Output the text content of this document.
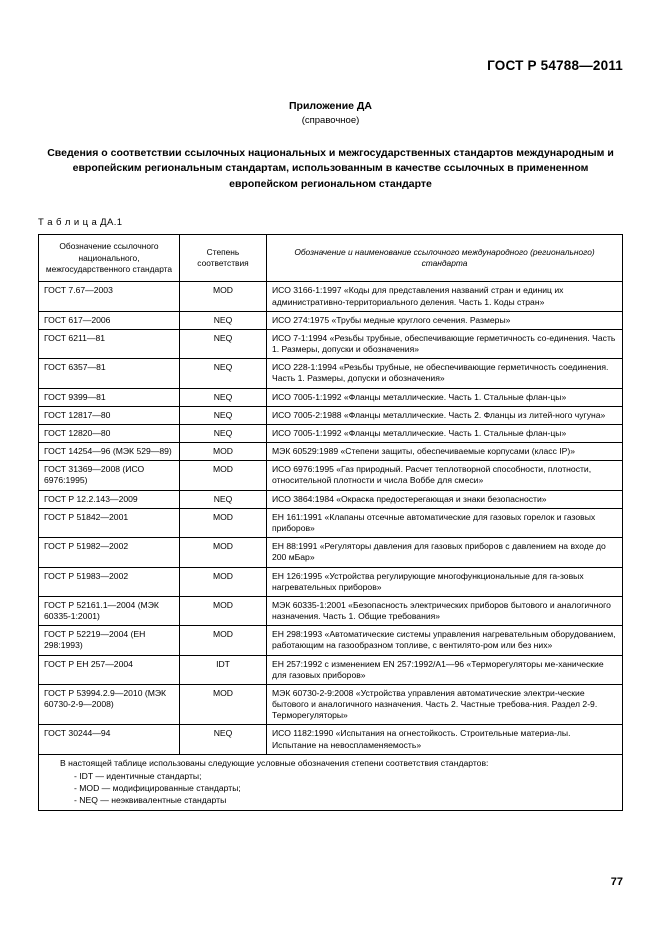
ГОСТ Р 54788—2011
Приложение ДА
(справочное)
Сведения о соответствии ссылочных национальных и межгосударственных стандартов международным и европейским региональным стандартам, использованным в качестве ссылочных в примененном европейском региональном стандарте
Т а б л и ц а ДА.1
Обозначение ссылочного национального, межгосударственного стандарта	Степень соответствия	Обозначение и наименование ссылочного международного (регионального) стандарта
ГОСТ 7.67—2003	MOD	ИСО 3166-1:1997 «Коды для представления названий стран и единиц их административно-территориального деления. Часть 1. Коды стран»
ГОСТ 617—2006	NEQ	ИСО 274:1975 «Трубы медные круглого сечения. Размеры»
ГОСТ 6211—81	NEQ	ИСО 7-1:1994 «Резьбы трубные, обеспечивающие герметичность со-единения. Часть 1. Размеры, допуски и обозначения»
ГОСТ 6357—81	NEQ	ИСО 228-1:1994 «Резьбы трубные, не обеспечивающие герметичность соединения. Часть 1. Размеры, допуски и обозначения»
ГОСТ 9399—81	NEQ	ИСО 7005-1:1992 «Фланцы металлические. Часть 1. Стальные флан-цы»
ГОСТ 12817—80	NEQ	ИСО 7005-2:1988 «Фланцы металлические. Часть 2. Фланцы из литей-ного чугуна»
ГОСТ 12820—80	NEQ	ИСО 7005-1:1992 «Фланцы металлические. Часть 1. Стальные флан-цы»
ГОСТ 14254—96 (МЭК 529—89)	MOD	МЭК 60529:1989 «Степени защиты, обеспечиваемые корпусами (класс IP)»
ГОСТ 31369—2008 (ИСО 6976:1995)	MOD	ИСО 6976:1995 «Газ природный. Расчет теплотворной способности, плотности, относительной плотности и числа Воббе для смеси»
ГОСТ Р 12.2.143—2009	NEQ	ИСО 3864:1984 «Окраска предостерегающая и знаки безопасности»
ГОСТ Р 51842—2001	MOD	ЕН 161:1991 «Клапаны отсечные автоматические для газовых горелок и газовых приборов»
ГОСТ Р 51982—2002	MOD	ЕН 88:1991 «Регуляторы давления для газовых приборов с давлением на входе до 200 мБар»
ГОСТ Р 51983—2002	MOD	ЕН 126:1995 «Устройства регулирующие многофункциональные для га-зовых нагревательных приборов»
ГОСТ Р 52161.1—2004 (МЭК 60335-1:2001)	MOD	МЭК 60335-1:2001 «Безопасность электрических приборов бытового и аналогичного назначения. Часть 1. Общие требования»
ГОСТ Р 52219—2004 (ЕН 298:1993)	MOD	ЕН 298:1993 «Автоматические системы управления нагревательным оборудованием, работающим на газообразном топливе, с вентилято-ром или без них»
ГОСТ Р ЕН 257—2004	IDT	ЕН 257:1992 с изменением EN 257:1992/A1—96 «Терморегуляторы ме-ханические для газовых приборов»
ГОСТ Р 53994.2.9—2010 (МЭК 60730-2-9—2008)	MOD	МЭК 60730-2-9:2008 «Устройства управления автоматические электри-ческие бытового и аналогичного назначения. Часть 2. Частные требова-ния. Раздел 2-9. Терморегуляторы»
ГОСТ 30244—94	NEQ	ИСО 1182:1990 «Испытания на огнестойкость. Строительные материа-лы. Испытание на невоспламеняемость»

В настоящей таблице использованы следующие условные обозначения степени соответствия стандартов:
- IDT — идентичные стандарты;
- MOD — модифицированные стандарты;
- NEQ — неэквивалентные стандарты		
77
